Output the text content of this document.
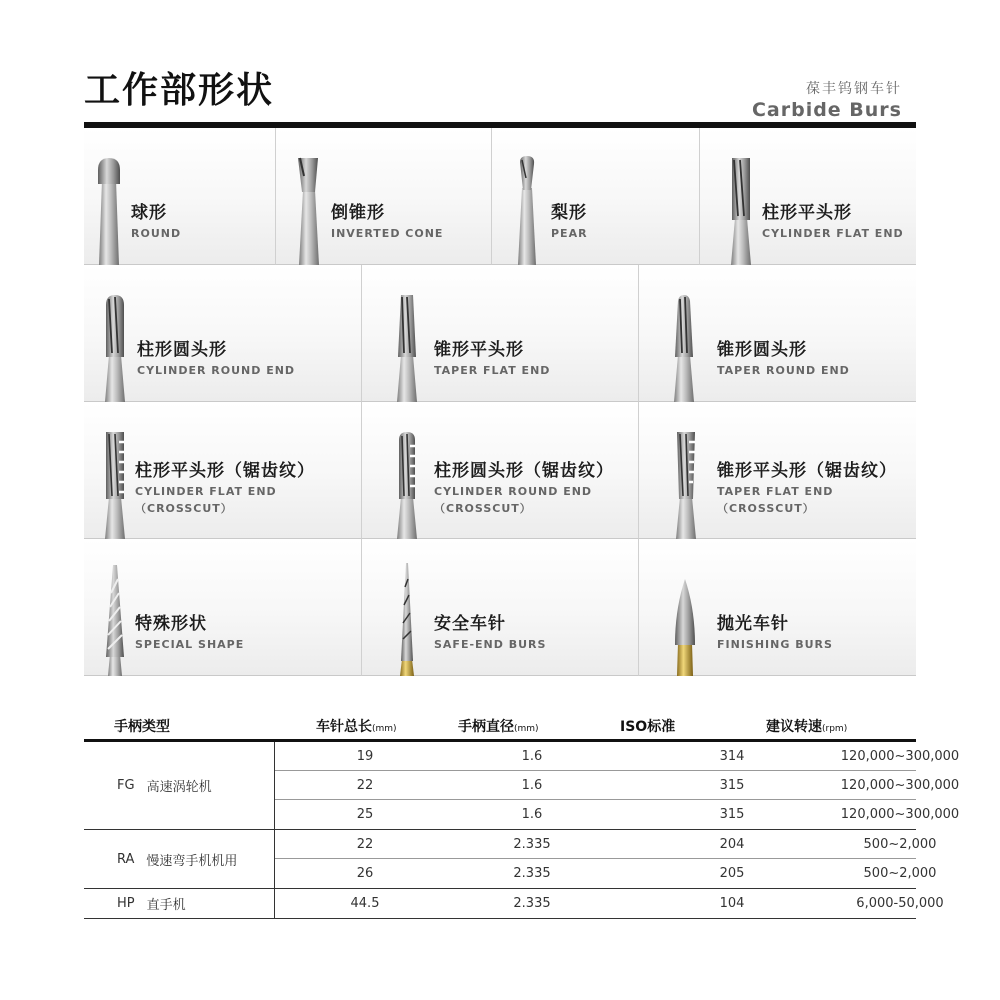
工作部形状	葆丰钨钢车针
Carbide Burs
球形
ROUND
倒锥形
INVERTED CONE
梨形
PEAR
柱形平头形
CYLINDER FLAT END
柱形圆头形
CYLINDER ROUND END
锥形平头形
TAPER FLAT END
锥形圆头形
TAPER ROUND END
柱形平头形（锯齿纹）
CYLINDER FLAT END
（CROSSCUT）
柱形圆头形（锯齿纹）
CYLINDER ROUND END
（CROSSCUT）
锥形平头形（锯齿纹）
TAPER FLAT END
（CROSSCUT）
特殊形状
SPECIAL SHAPE
安全车针
SAFE-END BURS
抛光车针
FINISHING BURS
手柄类型	车针总长(mm)	手柄直径(mm)	ISO标准	建议转速(rpm)
FG 高速涡轮机
19	1.6	314	120,000~300,000
22	1.6	315	120,000~300,000
25	1.6	315	120,000~300,000
RA 慢速弯手机机用
22	2.335	204	500~2,000
26	2.335	205	500~2,000
HP 直手机	44.5	2.335	104	6,000-50,000
